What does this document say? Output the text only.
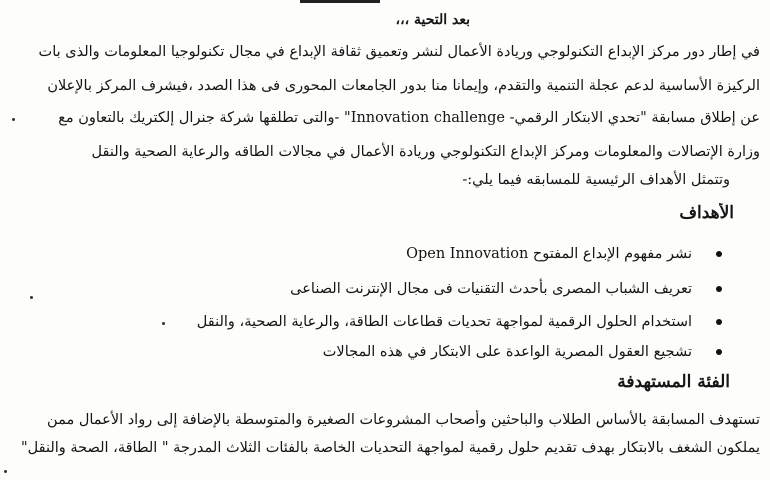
بعد التحية ،،،
في إطار دور مركز الإبداع التكنولوجي وريادة الأعمال لنشر وتعميق ثقافة الإبداع في مجال تكنولوجيا المعلومات والذى بات
الركيزة الأساسية لدعم عجلة التنمية والتقدم، وإيمانا منا بدور الجامعات المحورى فى هذا الصدد ،فيشرف المركز بالإعلان
عن إطلاق مسابقة "تحدي الابتكار الرقمي- Innovation challenge" -والتى تطلقها شركة جنرال إلكتريك بالتعاون مع
وزارة الإتصالات والمعلومات ومركز الإبداع التكنولوجي وريادة الأعمال في مجالات الطاقه والرعاية الصحية والنقل
وتتمثل الأهداف الرئيسية للمسابقه فيما يلي:-
الأهداف
نشر مفهوم الإبداع المفتوح Open Innovation
تعريف الشباب المصرى بأحدث التقنيات فى مجال الإنترنت الصناعى
استخدام الحلول الرقمية لمواجهة تحديات قطاعات الطاقة، والرعاية الصحية، والنقل
تشجيع العقول المصرية الواعدة على الابتكار في هذه المجالات
الفئة المستهدفة
تستهدف المسابقة بالأساس الطلاب والباحثين وأصحاب المشروعات الصغيرة والمتوسطة بالإضافة إلى رواد الأعمال ممن
يملكون الشغف بالابتكار بهدف تقديم حلول رقمية لمواجهة التحديات الخاصة بالفئات الثلاث المدرجة " الطاقة، الصحة والنقل"
